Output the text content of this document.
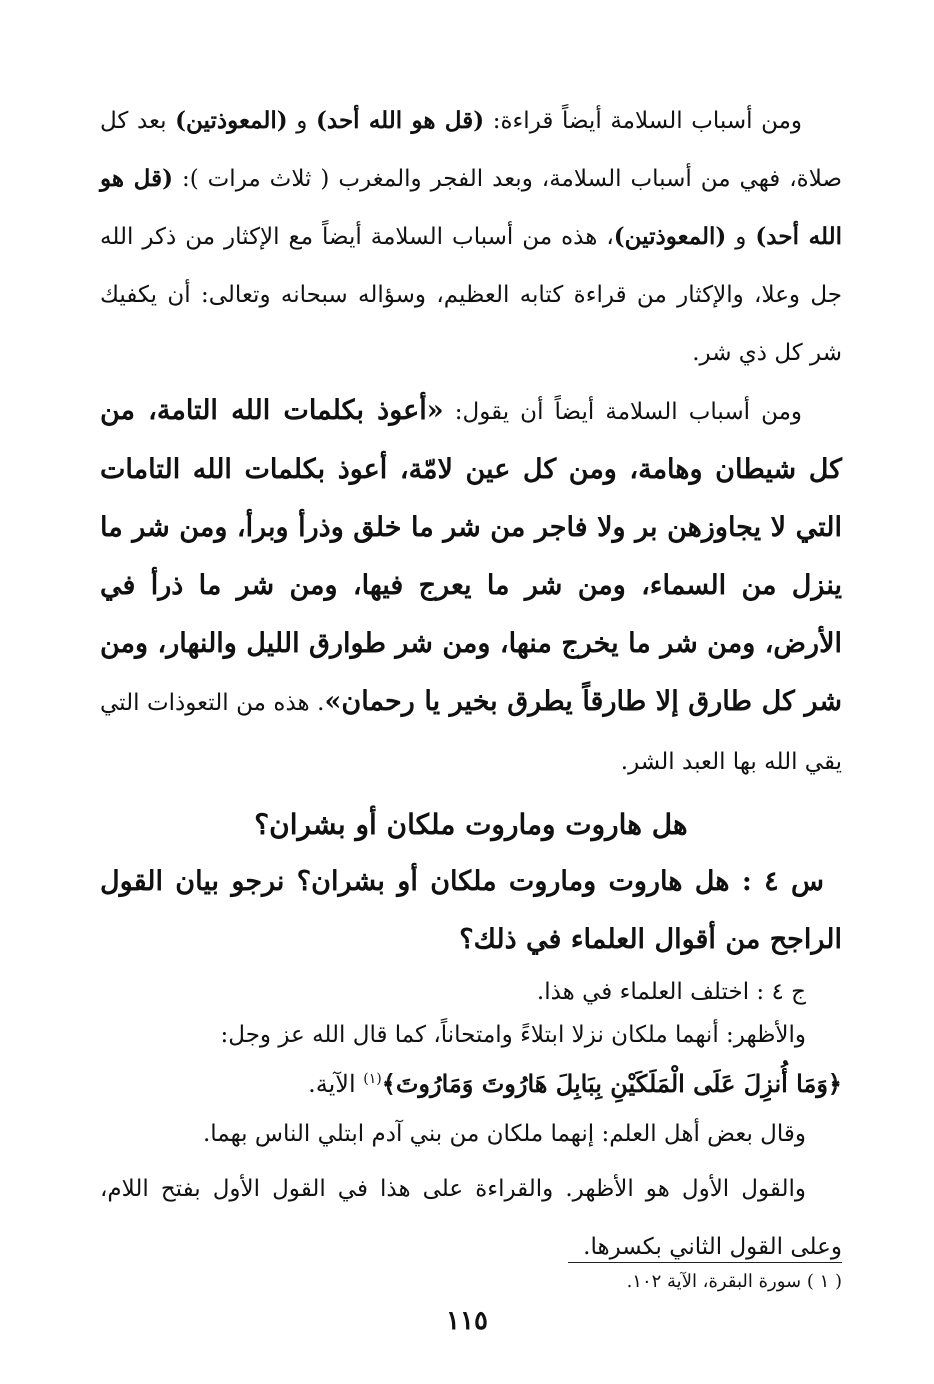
ومن أسباب السلامة أيضاً قراءة: (قل هو الله أحد) و (المعوذتين) بعد كل صلاة، فهي من أسباب السلامة، وبعد الفجر والمغرب ( ثلاث مرات ): (قل هو الله أحد) و (المعوذتين)، هذه من أسباب السلامة أيضاً مع الإكثار من ذكر الله جل وعلا، والإكثار من قراءة كتابه العظيم، وسؤاله سبحانه وتعالى: أن يكفيك شر كل ذي شر.

ومن أسباب السلامة أيضاً أن يقول: «أعوذ بكلمات الله التامة، من كل شيطان وهامة، ومن كل عين لامّة، أعوذ بكلمات الله التامات التي لا يجاوزهن بر ولا فاجر من شر ما خلق وذرأ وبرأ، ومن شر ما ينزل من السماء، ومن شر ما يعرج فيها، ومن شر ما ذرأ في الأرض، ومن شر ما يخرج منها، ومن شر طوارق الليل والنهار، ومن شر كل طارق إلا طارقاً يطرق بخير يا رحمان». هذه من التعوذات التي يقي الله بها العبد الشر.

هل هاروت وماروت ملكان أو بشران؟

س ٤ : هل هاروت وماروت ملكان أو بشران؟ نرجو بيان القول الراجح من أقوال العلماء في ذلك؟

ج ٤ : اختلف العلماء في هذا.

والأظهر: أنهما ملكان نزلا ابتلاءً وامتحاناً، كما قال الله عز وجل:

﴿وَمَا أُنزِلَ عَلَى الْمَلَكَيْنِ بِبَابِلَ هَارُوتَ وَمَارُوتَ﴾$^{(١)}$ الآية.

وقال بعض أهل العلم: إنهما ملكان من بني آدم ابتلي الناس بهما.

والقول الأول هو الأظهر. والقراءة على هذا في القول الأول بفتح اللام، وعلى القول الثاني بكسرها.

( ١ ) سورة البقرة، الآية ١٠٢.
١١٥
